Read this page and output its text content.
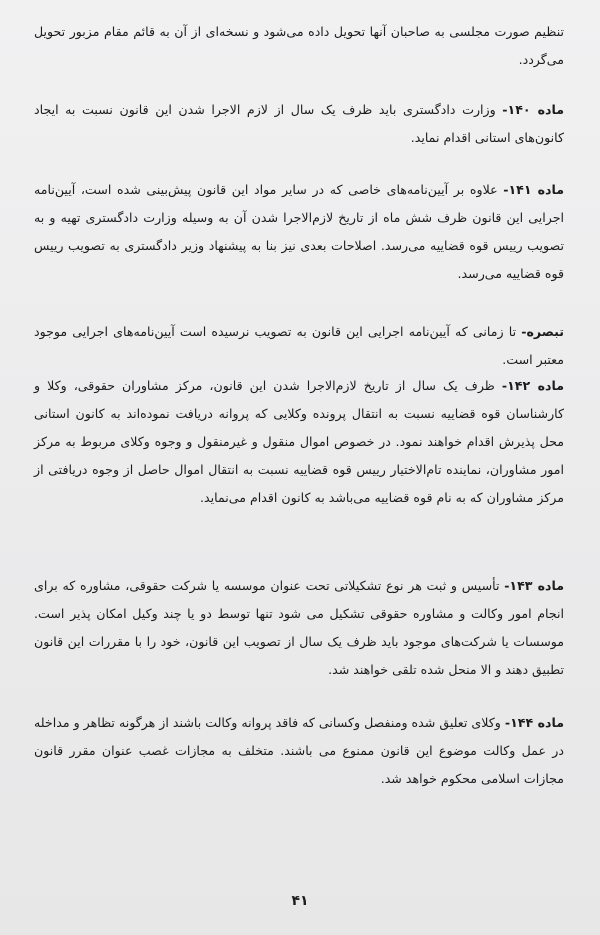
تنظیم صورت مجلسی به صاحبان آنها تحویل داده می‌شود و نسخه‌ای از آن به قائم مقام مزبور تحویل می‌گردد.

ماده ۱۴۰- وزارت دادگستری باید ظرف یک سال از لازم الاجرا شدن این قانون نسبت به ایجاد کانون‌های استانی اقدام نماید.

ماده ۱۴۱- علاوه بر آیین‌نامه‌های خاصی که در سایر مواد این قانون پیش‌بینی شده است، آیین‌نامه اجرایی این قانون ظرف شش ماه از تاریخ لازم‌الاجرا شدن آن به وسیله وزارت دادگستری تهیه و به تصویب رییس قوه قضاییه می‌رسد. اصلاحات بعدی نیز بنا به پیشنهاد وزیر دادگستری به تصویب رییس قوه قضاییه می‌رسد.

تبصره- تا زمانی که آیین‌نامه اجرایی این قانون به تصویب نرسیده است آیین‌نامه‌های اجرایی موجود معتبر است.

ماده ۱۴۲- ظرف یک سال از تاریخ لازم‌الاجرا شدن این قانون، مرکز مشاوران حقوقی، وکلا و کارشناسان قوه قضاییه نسبت به انتقال پرونده وکلایی که پروانه دریافت نموده‌اند به کانون استانی محل پذیرش اقدام خواهند نمود. در خصوص اموال منقول و غیرمنقول و وجوه وکلای مربوط به مرکز امور مشاوران، نماینده تام‌الاختیار رییس قوه قضاییه نسبت به انتقال اموال حاصل از وجوه دریافتی از مرکز مشاوران که به نام قوه قضاییه می‌باشد به کانون اقدام می‌نماید.

ماده ۱۴۳- تأسیس و ثبت هر نوع تشکیلاتی تحت عنوان موسسه یا شرکت حقوقی، مشاوره که برای انجام امور وکالت و مشاوره حقوقی تشکیل می شود تنها توسط دو یا چند وکیل امکان پذیر است. موسسات یا شرکت‌های موجود باید ظرف یک سال از تصویب این قانون، خود را با مقررات این قانون تطبیق دهند و الا منحل شده تلقی خواهند شد.

ماده ۱۴۴- وکلای تعلیق شده ومنفصل وکسانی که فاقد پروانه وکالت باشند از هرگونه تظاهر و مداخله در عمل وکالت موضوع این قانون ممنوع می باشند. متخلف به مجازات غصب عنوان مقرر قانون مجازات اسلامی محکوم خواهد شد.

۴۱
